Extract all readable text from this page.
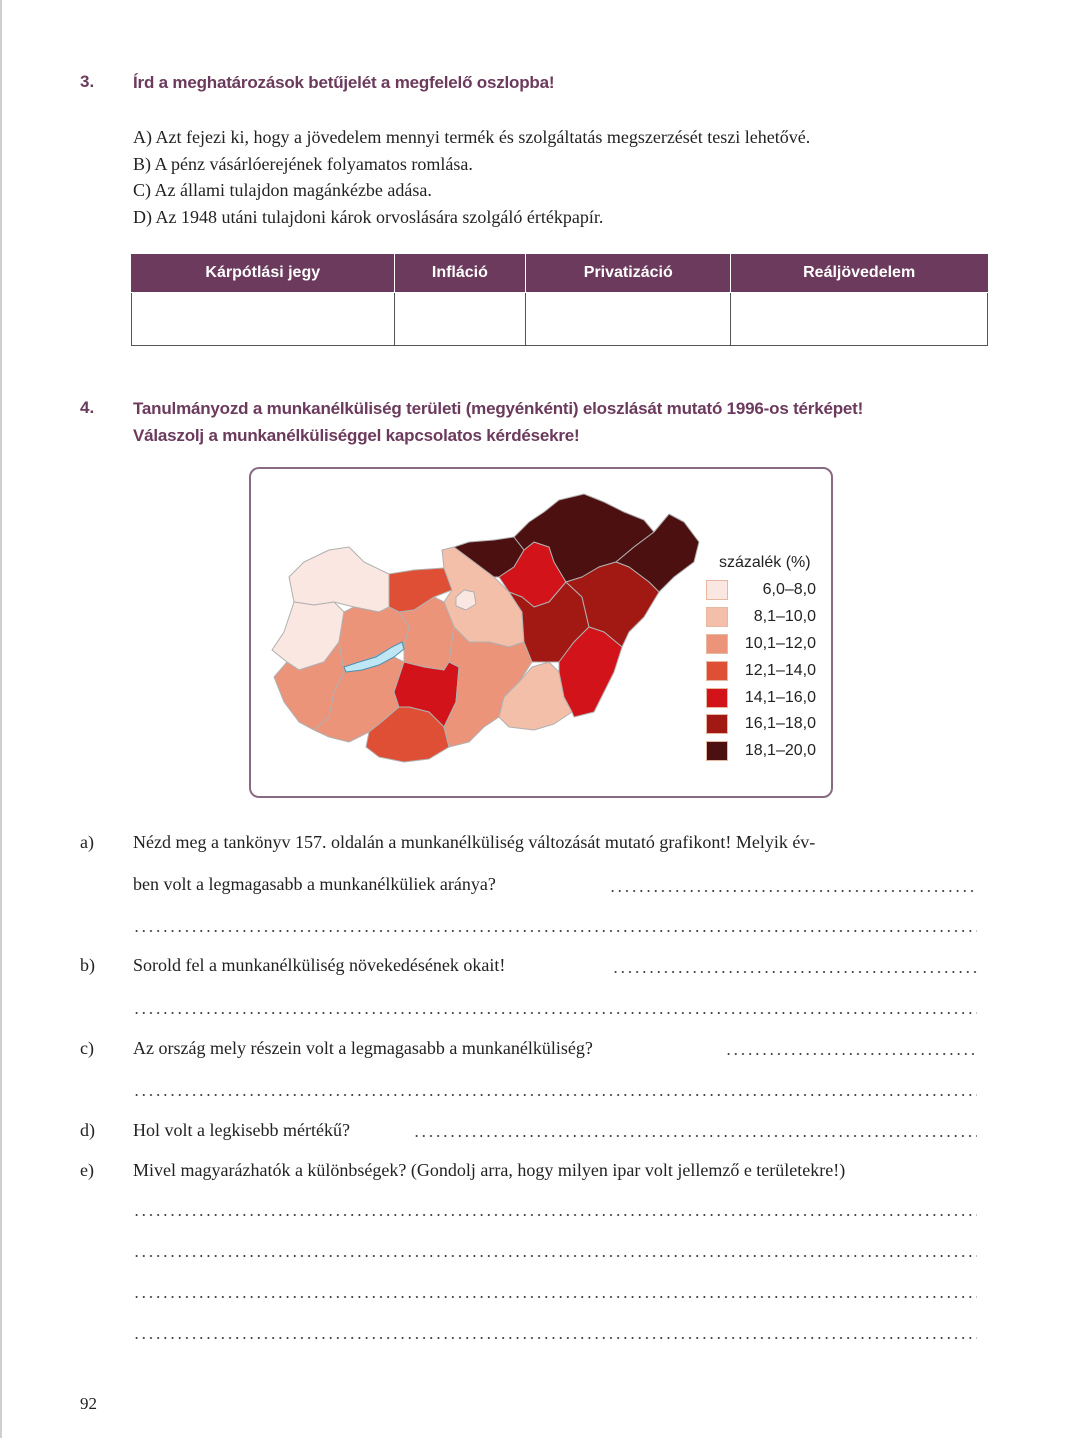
3. Írd a meghatározások betűjelét a megfelelő oszlopba!
A) Azt fejezi ki, hogy a jövedelem mennyi termék és szolgáltatás megszerzését teszi lehetővé.
B) A pénz vásárlóerejének folyamatos romlása.
C) Az állami tulajdon magánkézbe adása.
D) Az 1948 utáni tulajdoni károk orvoslására szolgáló értékpapír.
Kárpótlási jegy	Infláció	Privatizáció	Reáljövedelem

4. Tanulmányozd a munkanélküliség területi (megyénkénti) eloszlását mutató 1996-os térképet!
Válaszolj a munkanélküliséggel kapcsolatos kérdésekre!
százalék (%)
6,0–8,0
8,1–10,0
10,1–12,0
12,1–14,0
14,1–16,0
16,1–18,0
18,1–20,0
a) Nézd meg a tankönyv 157. oldalán a munkanélküliség változását mutató grafikont! Melyik év-
ben volt a legmagasabb a munkanélküliek aránya?
b) Sorold fel a munkanélküliség növekedésének okait!
c) Az ország mely részein volt a legmagasabb a munkanélküliség?
d) Hol volt a legkisebb mértékű?
e) Mivel magyarázhatók a különbségek? (Gondolj arra, hogy milyen ipar volt jellemző e területekre!)
92
